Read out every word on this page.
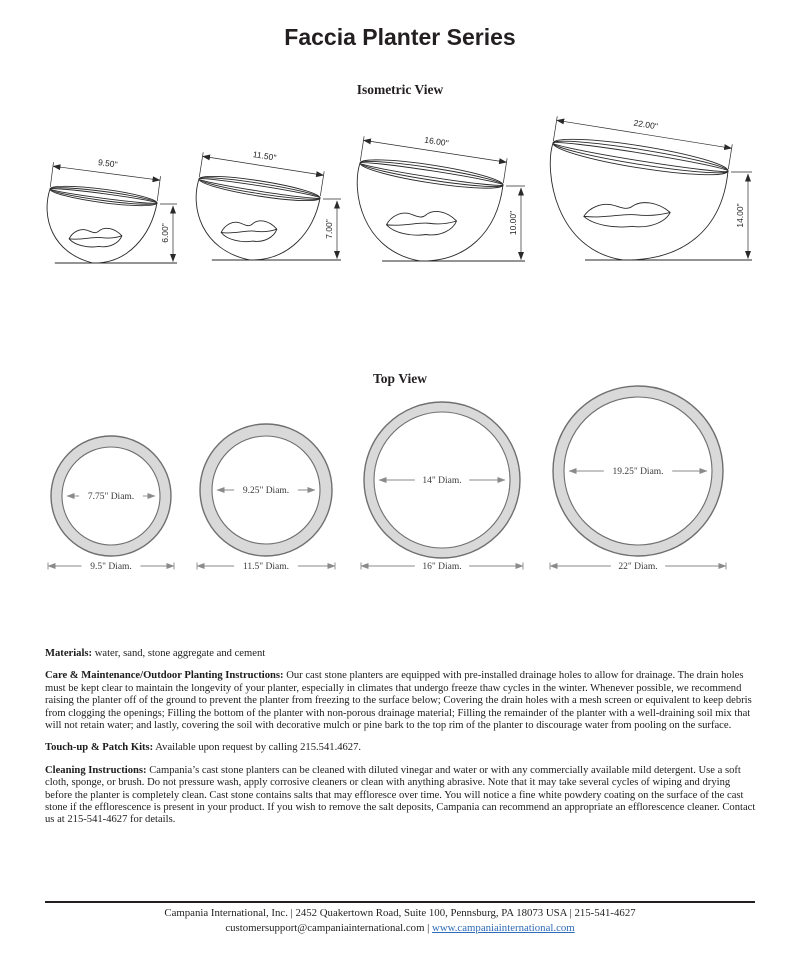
Faccia Planter Series
Isometric View
Top View
9.50"
6.00"
11.50"
7.00"
16.00"
10.00"
22.00"
14.00"
7.75" Diam.
9.5" Diam.
9.25" Diam.
11.5" Diam.
14" Diam.
16" Diam.
19.25" Diam.
22" Diam.

Materials: water, sand, stone aggregate and cement

Care & Maintenance/Outdoor Planting Instructions: Our cast stone planters are equipped with pre-installed drainage holes to allow for drainage. The drain holes must be kept clear to maintain the longevity of your planter, especially in climates that undergo freeze thaw cycles in the winter. Whenever possible, we recommend raising the planter off of the ground to prevent the planter from freezing to the surface below; Covering the drain holes with a mesh screen or equivalent to keep debris from clogging the openings; Filling the bottom of the planter with non-porous drainage material; Filling the remainder of the planter with a well-draining soil mix that will not retain water; and lastly, covering the soil with decorative mulch or pine bark to the top rim of the planter to discourage water from pooling on the surface.

Touch-up & Patch Kits: Available upon request by calling 215.541.4627.

Cleaning Instructions: Campania’s cast stone planters can be cleaned with diluted vinegar and water or with any commercially available mild detergent. Use a soft cloth, sponge, or brush. Do not pressure wash, apply corrosive cleaners or clean with anything abrasive. Note that it may take several cycles of wiping and drying before the planter is completely clean. Cast stone contains salts that may effloresce over time. You will notice a fine white powdery coating on the surface of the cast stone if the efflorescence is present in your product. If you wish to remove the salt deposits, Campania can recommend an appropriate an efflorescence cleaner. Contact us at 215-541-4627 for details.

Campania International, Inc. | 2452 Quakertown Road, Suite 100, Pennsburg, PA 18073 USA | 215-541-4627
customersupport@campaniainternational.com | www.campaniainternational.com
